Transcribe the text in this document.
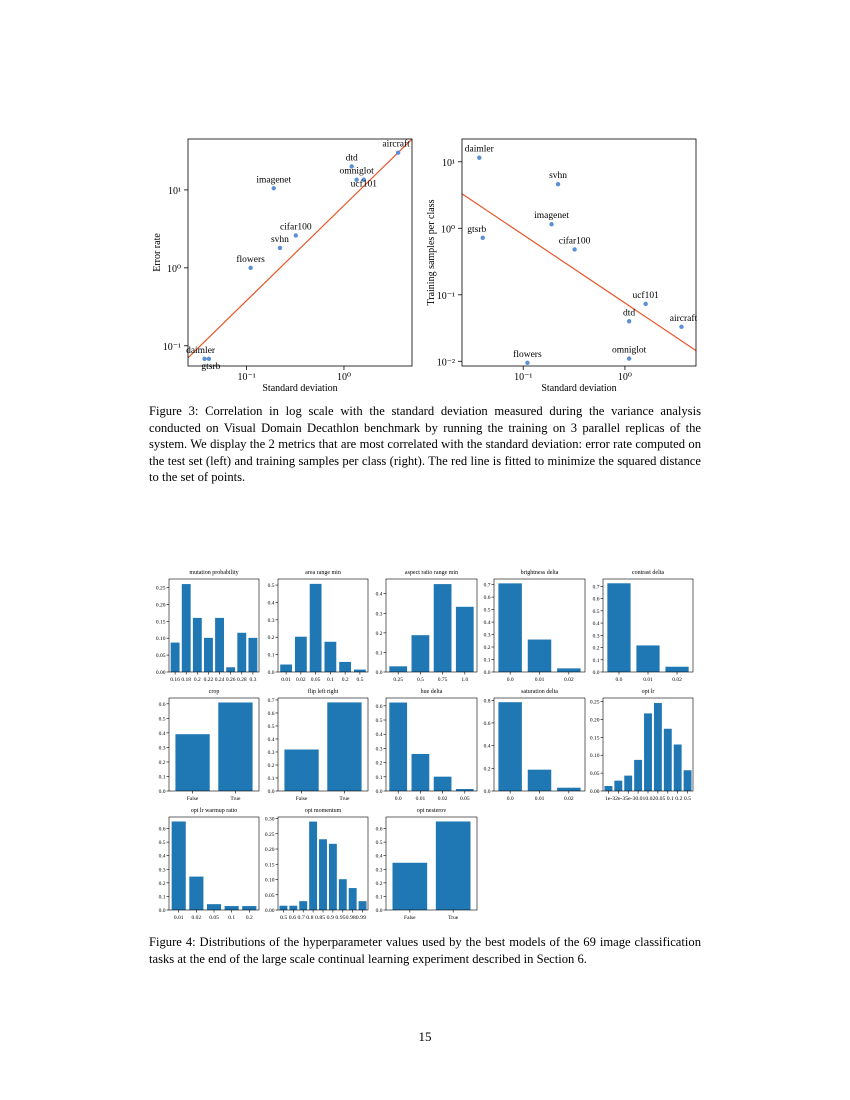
aircraft
dtd
omniglot
ucf101
imagenet
cifar100
svhn
flowers
daimler
gtsrb
10⁻¹	10⁰
10⁻¹
10⁰
10¹
Standard deviation
Error rate
daimler
svhn
imagenet
gtsrb
cifar100
ucf101
dtd
aircraft
omniglot
flowers
10⁻¹	10⁰
10⁻²
10⁻¹
10⁰
10¹
Standard deviation
Training samples per class
0.00
0.05
0.10
0.15
0.20
0.25
0.16 0.18 0.2 0.22 0.24 0.26 0.28 0.3
mutation probability
0.0
0.1
0.2
0.3
0.4
0.5
0.01 0.02 0.05 0.1 0.2 0.5
area range min
0.0
0.1
0.2
0.3
0.4
0.25	0.5	0.75	1.0
aspect ratio range min
0.0
0.1
0.2
0.3
0.4
0.5
0.6
0.7
0.0	0.01	0.02
brightness delta
0.0
0.1
0.2
0.3
0.4
0.5
0.6
0.7
0.0	0.01	0.02
contrast delta
0.0
0.1
0.2
0.3
0.4
0.5
0.6
False	True
crop
0.0
0.1
0.2
0.3
0.4
0.5
0.6
0.7
False	True
flip left right
0.0
0.1
0.2
0.3
0.4
0.5
0.6
0.0	0.01 0.02 0.05
hue delta
0.0
0.2
0.4
0.6
0.8
0.0	0.01	0.02
saturation delta
0.00
0.05
0.10
0.15
0.20
0.25
1e-32e-35e-30.010.020.05 0.1 0.2 0.5
opt lr
0.0
0.1
0.2
0.3
0.4
0.5
0.6
0.01 0.02 0.05 0.1 0.2
opt lr warmup ratio
0.00
0.05
0.10
0.15
0.20
0.25
0.30
0.5 0.6 0.7 0.8 0.85 0.9 0.950.980.99
opt momentum
0.0
0.1
0.2
0.3
0.4
0.5
0.6
False	True
opt nesterov

Figure 3: Correlation in log scale with the standard deviation measured during the variance analysis conducted on Visual Domain Decathlon benchmark by running the training on 3 parallel replicas of the system. We display the 2 metrics that are most correlated with the standard deviation: error rate computed on the test set (left) and training samples per class (right). The red line is fitted to minimize the squared distance to the set of points.

Figure 4: Distributions of the hyperparameter values used by the best models of the 69 image classification tasks at the end of the large scale continual learning experiment described in Section 6.

15
